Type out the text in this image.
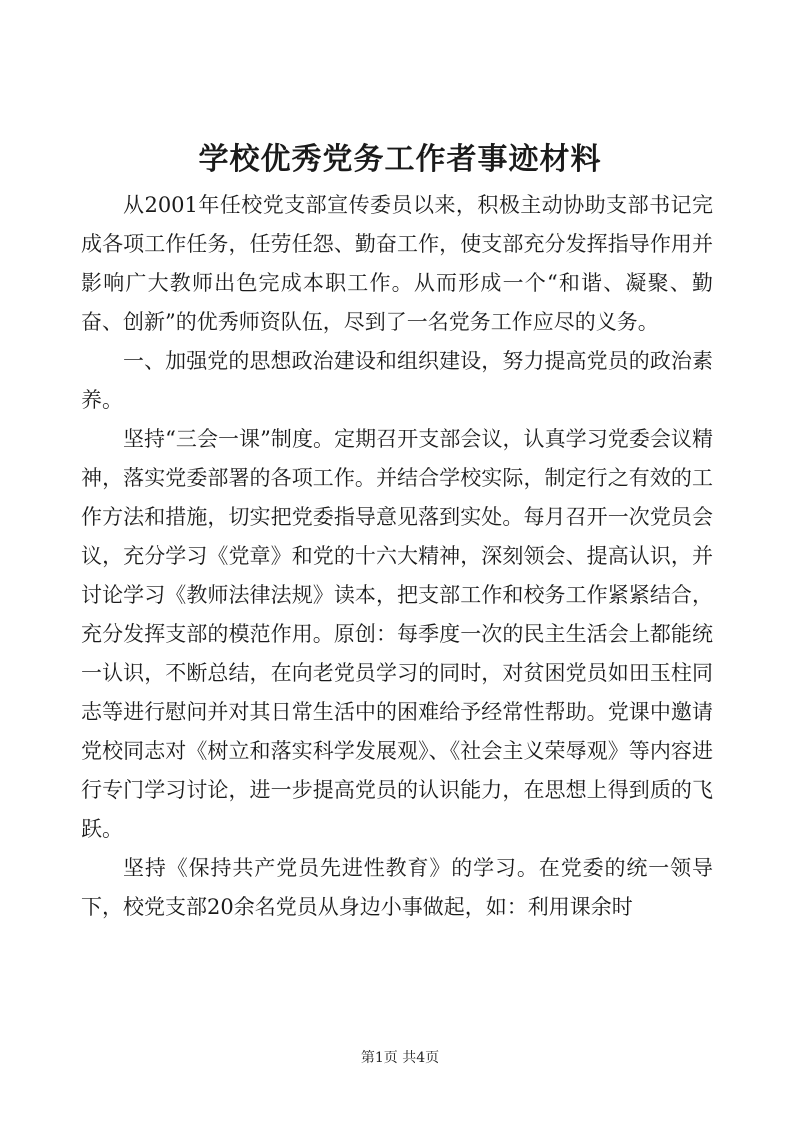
学校优秀党务工作者事迹材料

从2001年任校党支部宣传委员以来，积极主动协助支部书记完成各项工作任务，任劳任怨、勤奋工作，使支部充分发挥指导作用并影响广大教师出色完成本职工作。从而形成一个“和谐、凝聚、勤奋、创新”的优秀师资队伍，尽到了一名党务工作应尽的义务。

一、加强党的思想政治建设和组织建设，努力提高党员的政治素养。

坚持“三会一课”制度。定期召开支部会议，认真学习党委会议精神，落实党委部署的各项工作。并结合学校实际，制定行之有效的工作方法和措施，切实把党委指导意见落到实处。每月召开一次党员会议，充分学习《党章》和党的十六大精神，深刻领会、提高认识，并讨论学习《教师法律法规》读本，把支部工作和校务工作紧紧结合，充分发挥支部的模范作用。原创：每季度一次的民主生活会上都能统一认识，不断总结，在向老党员学习的同时，对贫困党员如田玉柱同志等进行慰问并对其日常生活中的困难给予经常性帮助。党课中邀请党校同志对《树立和落实科学发展观》、《社会主义荣辱观》等内容进行专门学习讨论，进一步提高党员的认识能力，在思想上得到质的飞跃。

坚持《保持共产党员先进性教育》的学习。在党委的统一领导下，校党支部20余名党员从身边小事做起，如：利用课余时

第1页 共4页
